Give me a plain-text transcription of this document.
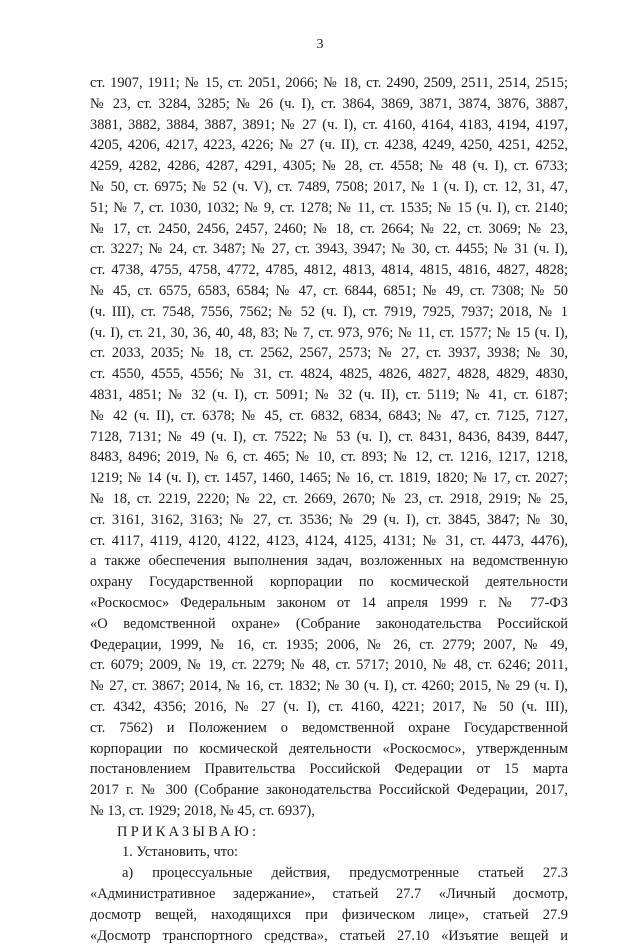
3
ст. 1907, 1911; № 15, ст. 2051, 2066; № 18, ст. 2490, 2509, 2511, 2514, 2515;
№ 23, ст. 3284, 3285; № 26 (ч. I), ст. 3864, 3869, 3871, 3874, 3876, 3887,
3881, 3882, 3884, 3887, 3891; № 27 (ч. I), ст. 4160, 4164, 4183, 4194, 4197,
4205, 4206, 4217, 4223, 4226; № 27 (ч. II), ст. 4238, 4249, 4250, 4251, 4252,
4259, 4282, 4286, 4287, 4291, 4305; № 28, ст. 4558; № 48 (ч. I), ст. 6733;
№ 50, ст. 6975; № 52 (ч. V), ст. 7489, 7508; 2017, № 1 (ч. I), ст. 12, 31, 47,
51; № 7, ст. 1030, 1032; № 9, ст. 1278; № 11, ст. 1535; № 15 (ч. I), ст. 2140;
№ 17, ст. 2450, 2456, 2457, 2460; № 18, ст. 2664; № 22, ст. 3069; № 23,
ст. 3227; № 24, ст. 3487; № 27, ст. 3943, 3947; № 30, ст. 4455; № 31 (ч. I),
ст. 4738, 4755, 4758, 4772, 4785, 4812, 4813, 4814, 4815, 4816, 4827, 4828;
№ 45, ст. 6575, 6583, 6584; № 47, ст. 6844, 6851; № 49, ст. 7308; № 50
(ч. III), ст. 7548, 7556, 7562; № 52 (ч. I), ст. 7919, 7925, 7937; 2018, № 1
(ч. I), ст. 21, 30, 36, 40, 48, 83; № 7, ст. 973, 976; № 11, ст. 1577; № 15 (ч. I),
ст. 2033, 2035; № 18, ст. 2562, 2567, 2573; № 27, ст. 3937, 3938; № 30,
ст. 4550, 4555, 4556; № 31, ст. 4824, 4825, 4826, 4827, 4828, 4829, 4830,
4831, 4851; № 32 (ч. I), ст. 5091; № 32 (ч. II), ст. 5119; № 41, ст. 6187;
№ 42 (ч. II), ст. 6378; № 45, ст. 6832, 6834, 6843; № 47, ст. 7125, 7127,
7128, 7131; № 49 (ч. I), ст. 7522; № 53 (ч. I), ст. 8431, 8436, 8439, 8447,
8483, 8496; 2019, № 6, ст. 465; № 10, ст. 893; № 12, ст. 1216, 1217, 1218,
1219; № 14 (ч. I), ст. 1457, 1460, 1465; № 16, ст. 1819, 1820; № 17, ст. 2027;
№ 18, ст. 2219, 2220; № 22, ст. 2669, 2670; № 23, ст. 2918, 2919; № 25,
ст. 3161, 3162, 3163; № 27, ст. 3536; № 29 (ч. I), ст. 3845, 3847; № 30,
ст. 4117, 4119, 4120, 4122, 4123, 4124, 4125, 4131; № 31, ст. 4473, 4476),
а также обеспечения выполнения задач, возложенных на ведомственную
охрану Государственной корпорации по космической деятельности
«Роскосмос» Федеральным законом от 14 апреля 1999 г. № 77-ФЗ
«О ведомственной охране» (Собрание законодательства Российской
Федерации, 1999, № 16, ст. 1935; 2006, № 26, ст. 2779; 2007, № 49,
ст. 6079; 2009, № 19, ст. 2279; № 48, ст. 5717; 2010, № 48, ст. 6246; 2011,
№ 27, ст. 3867; 2014, № 16, ст. 1832; № 30 (ч. I), ст. 4260; 2015, № 29 (ч. I),
ст. 4342, 4356; 2016, № 27 (ч. I), ст. 4160, 4221; 2017, № 50 (ч. III),
ст. 7562) и Положением о ведомственной охране Государственной
корпорации по космической деятельности «Роскосмос», утвержденным
постановлением Правительства Российской Федерации от 15 марта
2017 г. № 300 (Собрание законодательства Российской Федерации, 2017,
№ 13, ст. 1929; 2018, № 45, ст. 6937),
ПРИКАЗЫВАЮ:
1. Установить, что:
а) процессуальные действия, предусмотренные статьей 27.3
«Административное задержание», статьей 27.7 «Личный досмотр,
досмотр вещей, находящихся при физическом лице», статьей 27.9
«Досмотр транспортного средства», статьей 27.10 «Изъятие вещей и
